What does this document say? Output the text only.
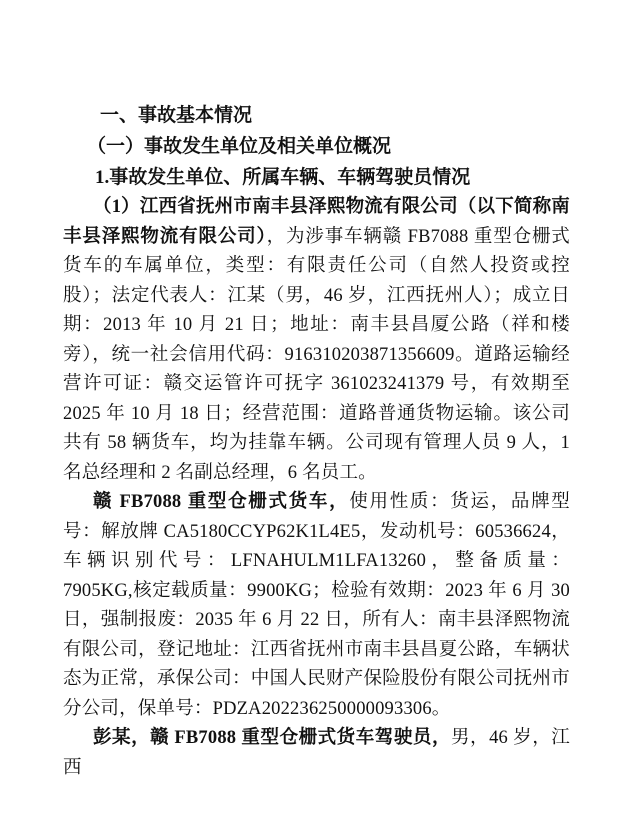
一、事故基本情况

（一）事故发生单位及相关单位概况

1.事故发生单位、所属车辆、车辆驾驶员情况

（1）江西省抚州市南丰县泽熙物流有限公司（以下简称南丰县泽熙物流有限公司），为涉事车辆赣 FB7088 重型仓栅式货车的车属单位，类型：有限责任公司（自然人投资或控股）；法定代表人：江某（男，46 岁，江西抚州人）；成立日期：2013 年 10 月 21 日；地址：南丰县昌厦公路（祥和楼旁），统一社会信用代码：916310203871356609。道路运输经营许可证：赣交运管许可抚字 361023241379 号，有效期至 2025 年 10 月 18 日；经营范围：道路普通货物运输。该公司共有 58 辆货车，均为挂靠车辆。公司现有管理人员 9 人，1 名总经理和 2 名副总经理，6 名员工。

赣 FB7088 重型仓栅式货车，使用性质：货运，品牌型号：解放牌 CA5180CCYP62K1L4E5，发动机号：60536624，车辆识别代号：LFNAHULM1LFA13260，整备质量：7905KG,核定载质量：9900KG；检验有效期：2023 年 6 月 30 日，强制报废：2035 年 6 月 22 日，所有人：南丰县泽熙物流有限公司，登记地址：江西省抚州市南丰县昌夏公路，车辆状态为正常，承保公司：中国人民财产保险股份有限公司抚州市分公司，保单号：PDZA202236250000093306。

彭某，赣 FB7088 重型仓栅式货车驾驶员，男，46 岁，江西
